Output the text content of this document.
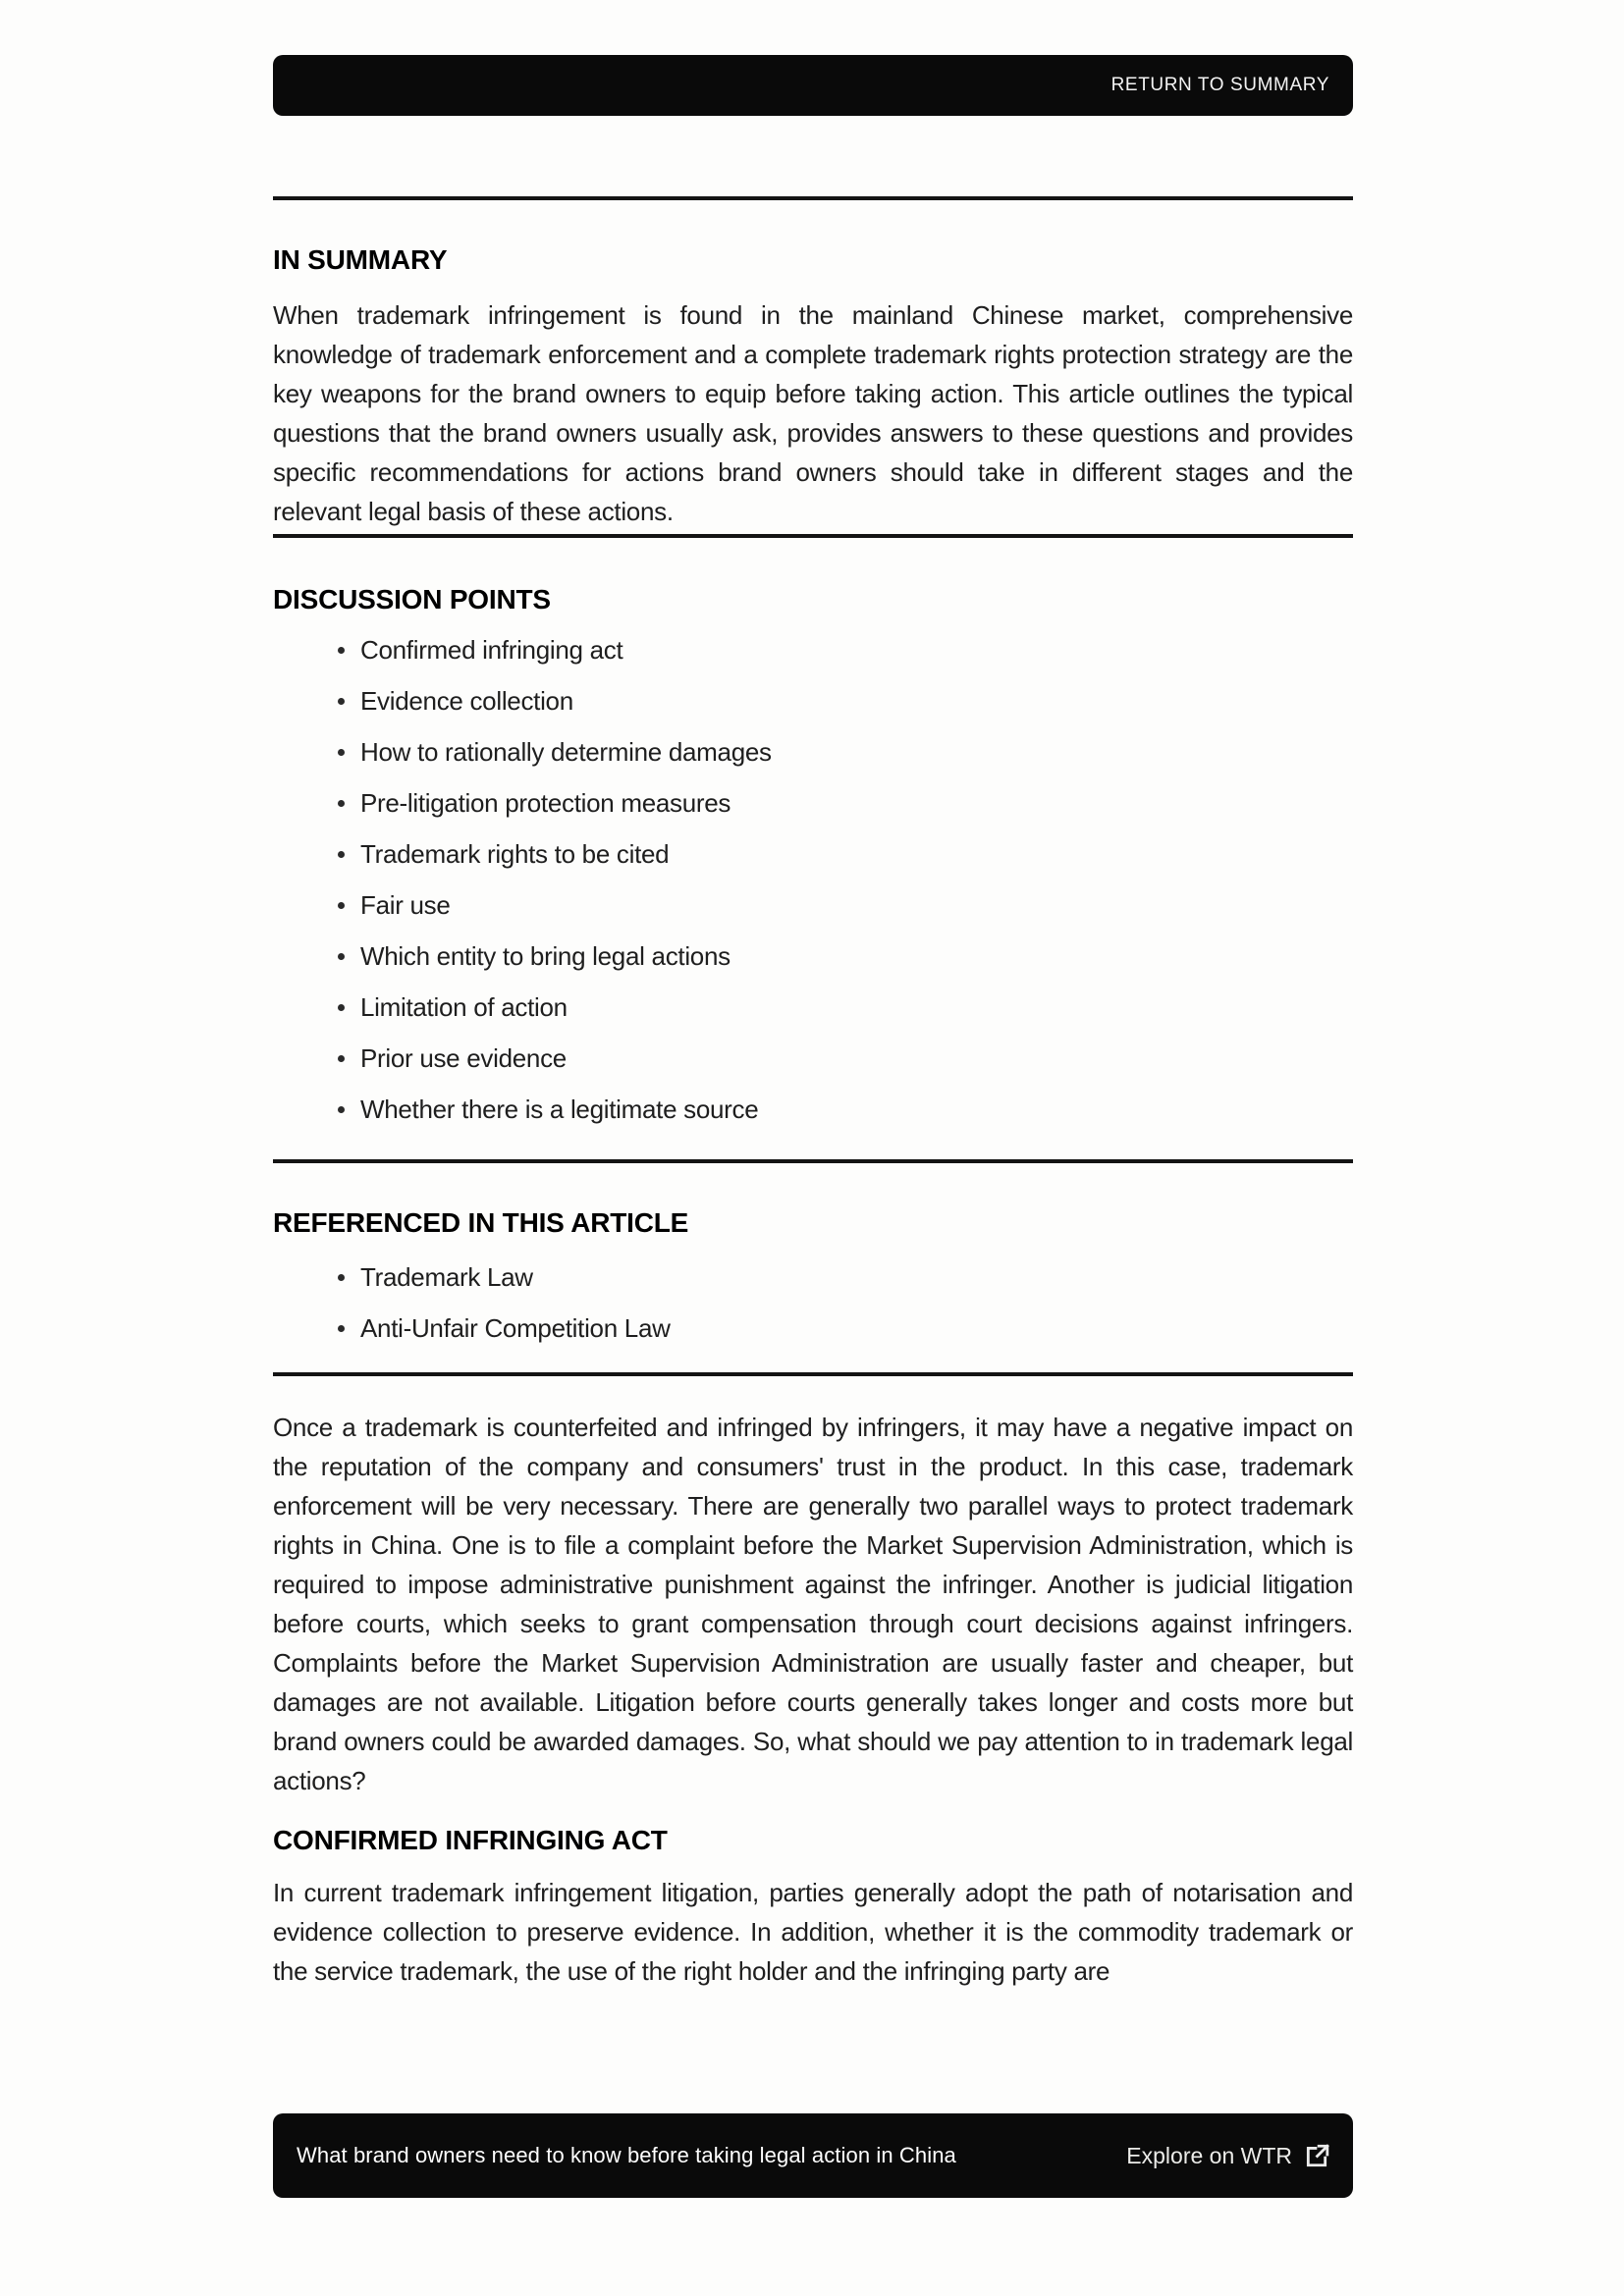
RETURN TO SUMMARY
IN SUMMARY

When trademark infringement is found in the mainland Chinese market, comprehensive knowledge of trademark enforcement and a complete trademark rights protection strategy are the key weapons for the brand owners to equip before taking action. This article outlines the typical questions that the brand owners usually ask, provides answers to these questions and provides specific recommendations for actions brand owners should take in different stages and the relevant legal basis of these actions.

DISCUSSION POINTS
Confirmed infringing act
Evidence collection
How to rationally determine damages
Pre-litigation protection measures
Trademark rights to be cited
Fair use
Which entity to bring legal actions
Limitation of action
Prior use evidence
Whether there is a legitimate source
REFERENCED IN THIS ARTICLE
Trademark Law
Anti-Unfair Competition Law

Once a trademark is counterfeited and infringed by infringers, it may have a negative impact on the reputation of the company and consumers' trust in the product. In this case, trademark enforcement will be very necessary. There are generally two parallel ways to protect trademark rights in China. One is to file a complaint before the Market Supervision Administration, which is required to impose administrative punishment against the infringer. Another is judicial litigation before courts, which seeks to grant compensation through court decisions against infringers. Complaints before the Market Supervision Administration are usually faster and cheaper, but damages are not available. Litigation before courts generally takes longer and costs more but brand owners could be awarded damages. So, what should we pay attention to in trademark legal actions?

CONFIRMED INFRINGING ACT

In current trademark infringement litigation, parties generally adopt the path of notarisation and evidence collection to preserve evidence. In addition, whether it is the commodity trademark or the service trademark, the use of the right holder and the infringing party are

What brand owners need to know before taking legal action in China	Explore on WTR
